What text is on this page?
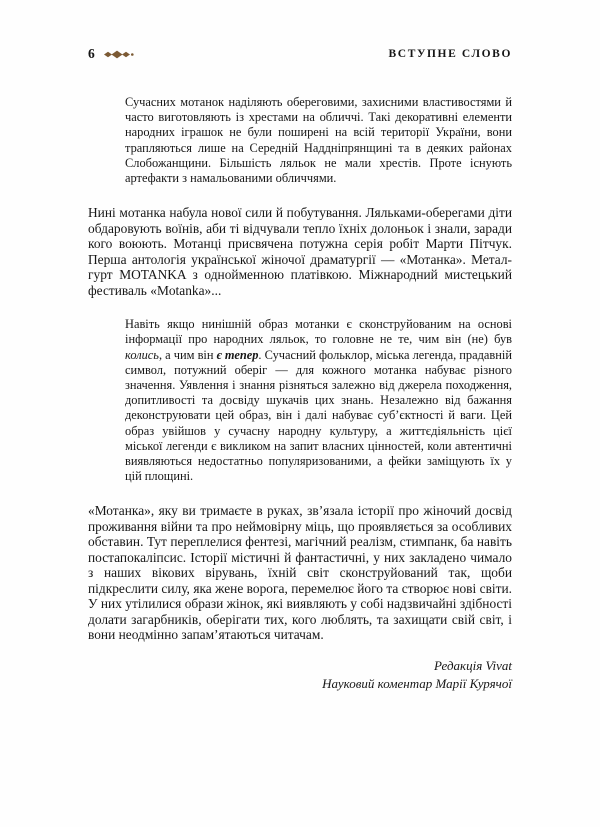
6	ВСТУПНЕ СЛОВО

Сучасних мотанок наділяють обереговими, захисними властивостями й часто виготовляють із хрестами на обличчі. Такі декоративні елементи народних іграшок не були поширені на всій території України, вони трапляються лише на Середній Наддніпрянщині та в деяких районах Слобожанщини. Більшість ляльок не мали хрестів. Проте існують артефакти з намальованими обличчями.

Нині мотанка набула нової сили й побутування. Ляльками-оберегами діти обдаровують воїнів, аби ті відчували тепло їхніх долоньок і знали, заради кого воюють. Мотанці присвячена потужна серія робіт Марти Пітчук. Перша антологія української жіночої драматургії — «Мотанка». Метал-гурт MOTANKA з однойменною платівкою. Міжнародний мистецький фестиваль «Motanka»...

Навіть якщо нинішній образ мотанки є сконструйованим на основі інформації про народних ляльок, то головне не те, чим він (не) був колись, а чим він є тепер. Сучасний фольклор, міська легенда, прадавній символ, потужний оберіг — для кожного мотанка набуває різного значення. Уявлення і знання різняться залежно від джерела походження, допитливості та досвіду шукачів цих знань. Незалежно від бажання деконструювати цей образ, він і далі набуває суб’єктності й ваги. Цей образ увійшов у сучасну народну культуру, а життєдіяльність цієї міської легенди є викликом на запит власних цінностей, коли автентичні виявляються недостатньо популяризованими, а фейки заміщують їх у цій площині.

«Мотанка», яку ви тримаєте в руках, зв’язала історії про жіночий досвід проживання війни та про неймовірну міць, що проявляється за особливих обставин. Тут переплелися фентезі, магічний реалізм, стимпанк, ба навіть постапокаліпсис. Історії містичні й фантастичні, у них закладено чимало з наших вікових вірувань, їхній світ сконструйований так, щоби підкреслити силу, яка жене ворога, перемелює його та створює нові світи. У них утілилися образи жінок, які виявляють у собі надзвичайні здібності долати загарбників, оберігати тих, кого люблять, та захищати свій світ, і вони неодмінно запам’ятаються читачам.

Редакція Vivat
Науковий коментар Марії Курячої
